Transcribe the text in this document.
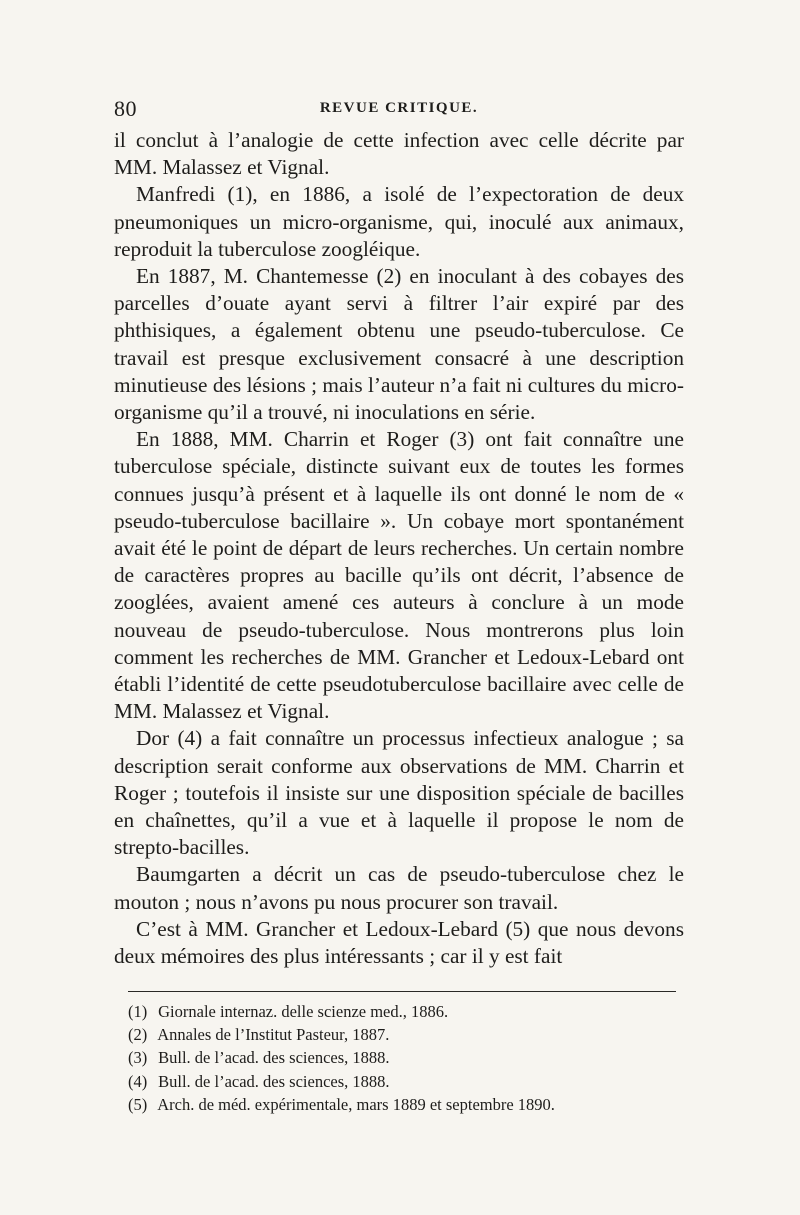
80	REVUE CRITIQUE.

il conclut à l’analogie de cette infection avec celle décrite par MM. Malassez et Vignal.

Manfredi (1), en 1886, a isolé de l’expectoration de deux pneumoniques un micro-organisme, qui, inoculé aux animaux, reproduit la tuberculose zoogléique.

En 1887, M. Chantemesse (2) en inoculant à des cobayes des parcelles d’ouate ayant servi à filtrer l’air expiré par des phthisiques, a également obtenu une pseudo-tuberculose. Ce travail est presque exclusivement consacré à une description minutieuse des lésions ; mais l’auteur n’a fait ni cultures du micro-organisme qu’il a trouvé, ni inoculations en série.

En 1888, MM. Charrin et Roger (3) ont fait connaître une tuberculose spéciale, distincte suivant eux de toutes les formes connues jusqu’à présent et à laquelle ils ont donné le nom de « pseudo-tuberculose bacillaire ». Un cobaye mort spontanément avait été le point de départ de leurs recherches. Un certain nombre de caractères propres au bacille qu’ils ont décrit, l’absence de zooglées, avaient amené ces auteurs à conclure à un mode nouveau de pseudo-tuberculose. Nous montrerons plus loin comment les recherches de MM. Grancher et Ledoux-Lebard ont établi l’identité de cette pseudotuberculose bacillaire avec celle de MM. Malassez et Vignal.

Dor (4) a fait connaître un processus infectieux analogue ; sa description serait conforme aux observations de MM. Charrin et Roger ; toutefois il insiste sur une disposition spéciale de bacilles en chaînettes, qu’il a vue et à laquelle il propose le nom de strepto-bacilles.

Baumgarten a décrit un cas de pseudo-tuberculose chez le mouton ; nous n’avons pu nous procurer son travail.

C’est à MM. Grancher et Ledoux-Lebard (5) que nous devons deux mémoires des plus intéressants ; car il y est fait

(1) Giornale internaz. delle scienze med., 1886.
(2) Annales de l’Institut Pasteur, 1887.
(3) Bull. de l’acad. des sciences, 1888.
(4) Bull. de l’acad. des sciences, 1888.
(5) Arch. de méd. expérimentale, mars 1889 et septembre 1890.
